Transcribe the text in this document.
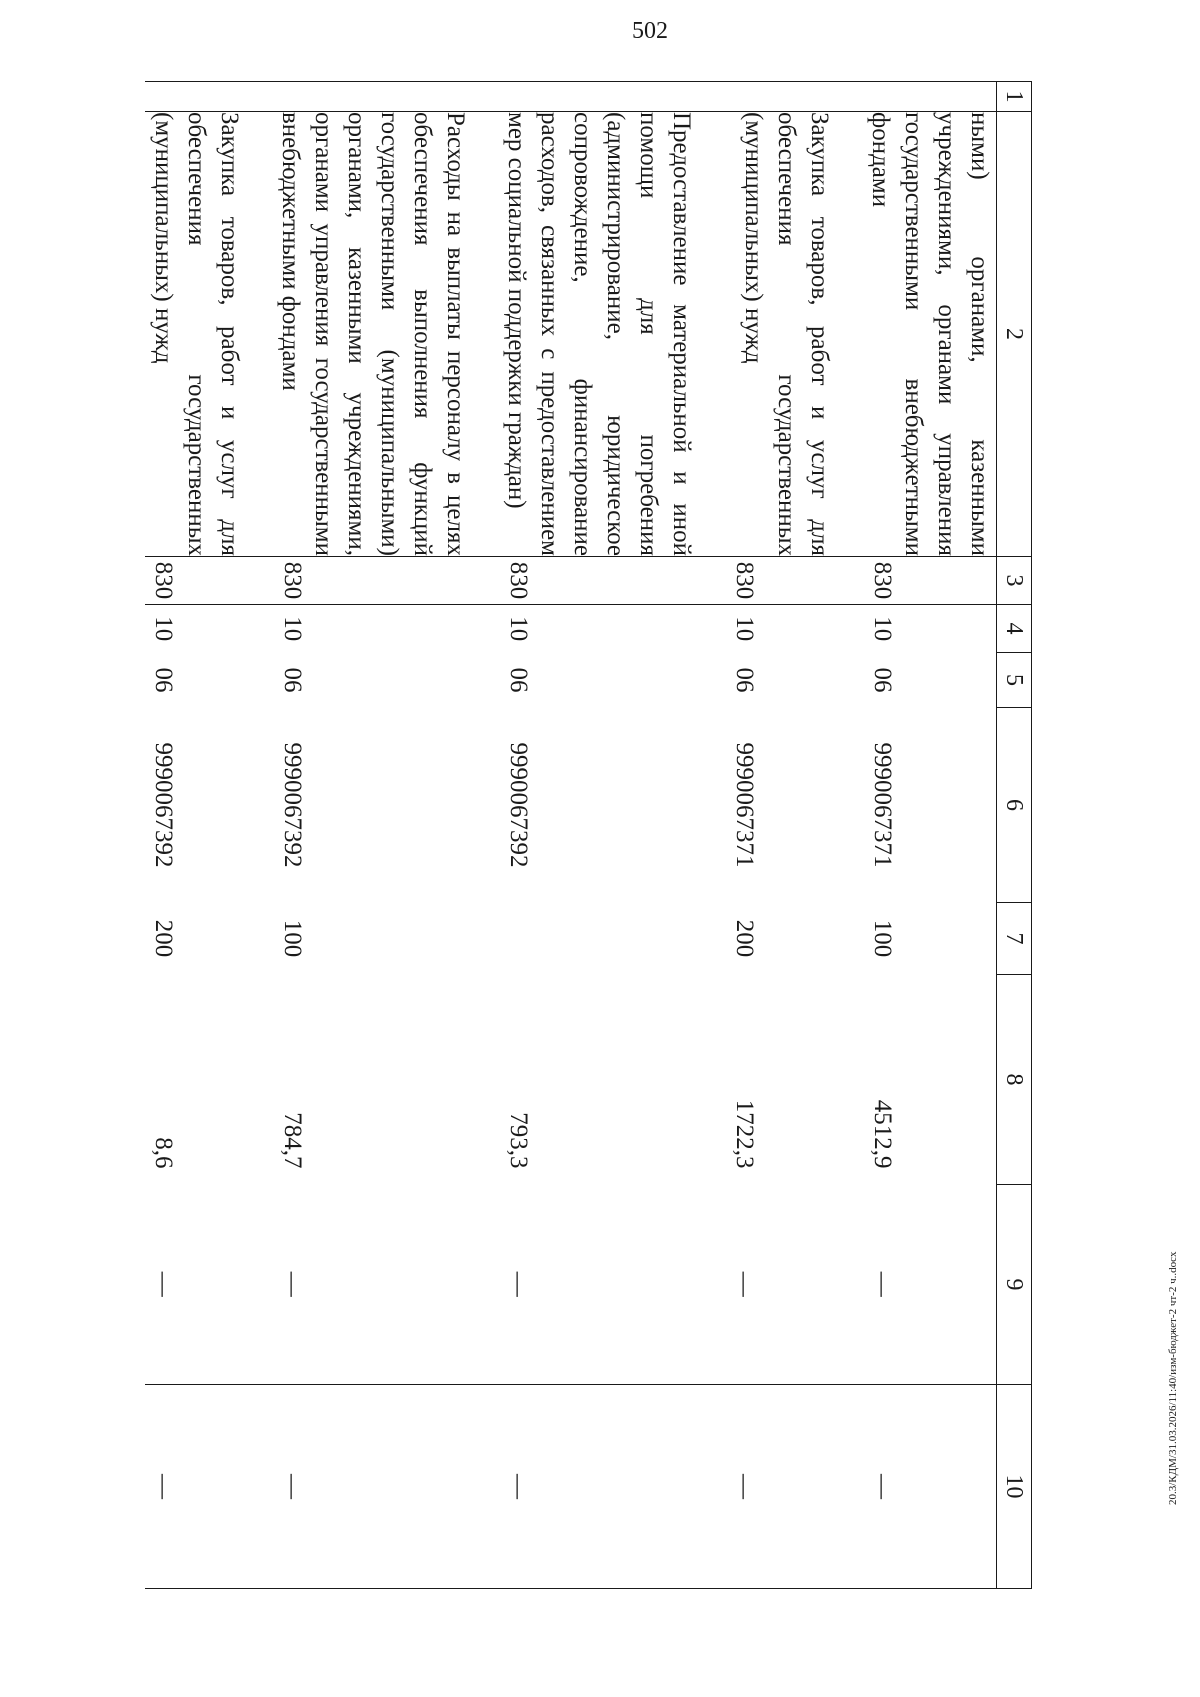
502
20.3/КДМ/31.03.2026/11:40/изм-бюджет-2 чт-2 ч..docx
1	2	3	4	5	6	7	8	9	10
	ными) органами, казенными учреждениями, органами управления государственными внебюджетными фондами	830	10	06	9990067371	100	4512,9	—	—
	Закупка товаров, работ и услуг для обеспечения государственных (муниципальных) нужд	830	10	06	9990067371	200	1722,3	—	—
	Предоставление материальной и иной помощи для погребения (администрирование, юридическое сопровождение, финансирование расходов, связанных с предоставлением мер социальной поддержки граждан)	830	10	06	9990067392		793,3	—	—
	Расходы на выплаты персоналу в целях обеспечения выполнения функций государственными (муниципальными) органами, казенными учреждениями, органами управления государственными внебюджетными фондами	830	10	06	9990067392	100	784,7	—	—
	Закупка товаров, работ и услуг для обеспечения государственных (муниципальных) нужд	830	10	06	9990067392	200	8,6	—	—
